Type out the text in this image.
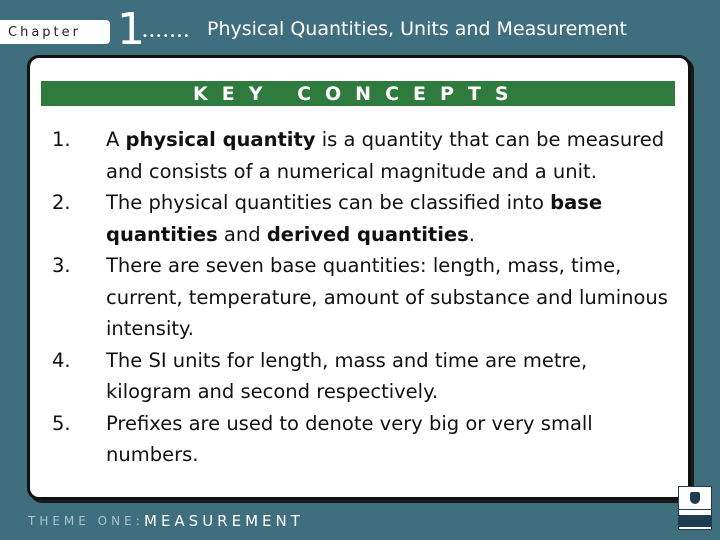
Chapter 1
••••••• Physical Quantities, Units and Measurement
KEY CONCEPTS
1. A physical quantity is a quantity that can be measured and consists of a numerical magnitude and a unit.
2. The physical quantities can be classified into base quantities and derived quantities.
3. There are seven base quantities: length, mass, time, current, temperature, amount of substance and luminous intensity.
4. The SI units for length, mass and time are metre, kilogram and second respectively.
5. Prefixes are used to denote very big or very small numbers.
THEME ONE: MEASUREMENT
